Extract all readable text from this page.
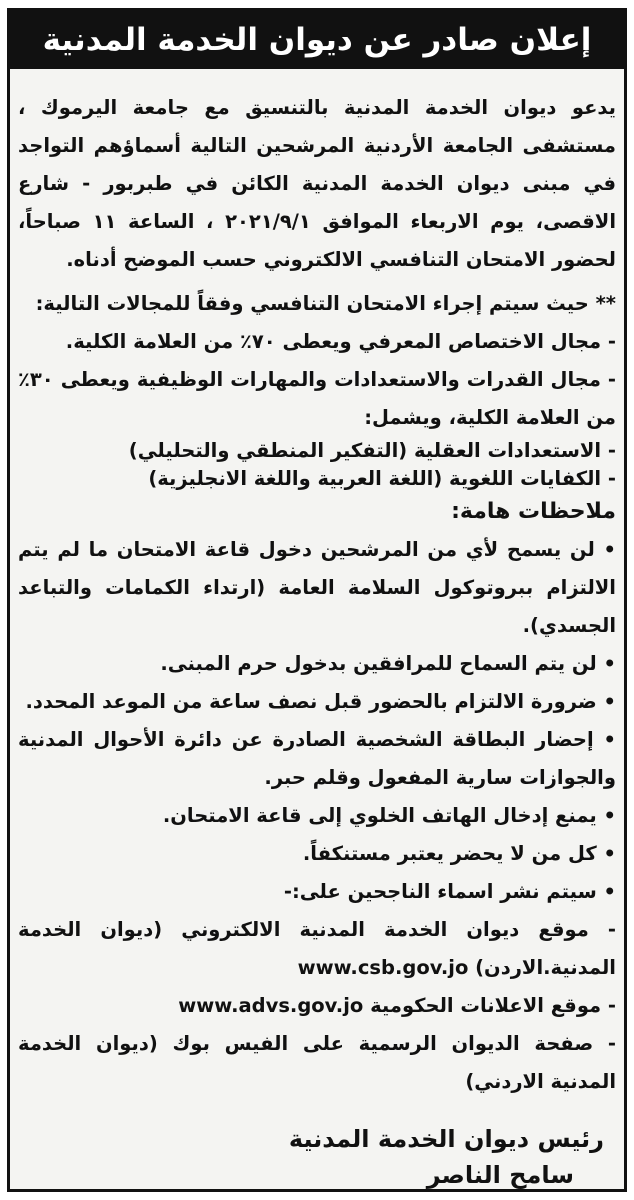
إعلان صادر عن ديوان الخدمة المدنية

يدعو ديوان الخدمة المدنية بالتنسيق مع جامعة اليرموك ، مستشفى الجامعة الأردنية المرشحين التالية أسماؤهم التواجد في مبنى ديوان الخدمة المدنية الكائن في طبربور - شارع الاقصى، يوم الاربعاء الموافق ٢٠٢١/٩/١ ، الساعة ١١ صباحاً، لحضور الامتحان التنافسي الالكتروني حسب الموضح أدناه.

** حيث سيتم إجراء الامتحان التنافسي وفقاً للمجالات التالية:

- مجال الاختصاص المعرفي ويعطى ٧٠٪ من العلامة الكلية.

- مجال القدرات والاستعدادات والمهارات الوظيفية ويعطى ٣٠٪ من العلامة الكلية، ويشمل:

- الاستعدادات العقلية (التفكير المنطقي والتحليلي)

- الكفايات اللغوية (اللغة العربية واللغة الانجليزية)

ملاحظات هامة:

• لن يسمح لأي من المرشحين دخول قاعة الامتحان ما لم يتم الالتزام ببروتوكول السلامة العامة (ارتداء الكمامات والتباعد الجسدي).

• لن يتم السماح للمرافقين بدخول حرم المبنى.

• ضرورة الالتزام بالحضور قبل نصف ساعة من الموعد المحدد.

• إحضار البطاقة الشخصية الصادرة عن دائرة الأحوال المدنية والجوازات سارية المفعول وقلم حبر.

• يمنع إدخال الهاتف الخلوي إلى قاعة الامتحان.

• كل من لا يحضر يعتبر مستنكفاً.

• سيتم نشر اسماء الناجحين على:-

- موقع ديوان الخدمة المدنية الالكتروني (ديوان الخدمة المدنية.الاردن) www.csb.gov.jo

- موقع الاعلانات الحكومية www.advs.gov.jo

- صفحة الديوان الرسمية على الفيس بوك (ديوان الخدمة المدنية الاردني)

رئيس ديوان الخدمة المدنية
سامح الناصر
